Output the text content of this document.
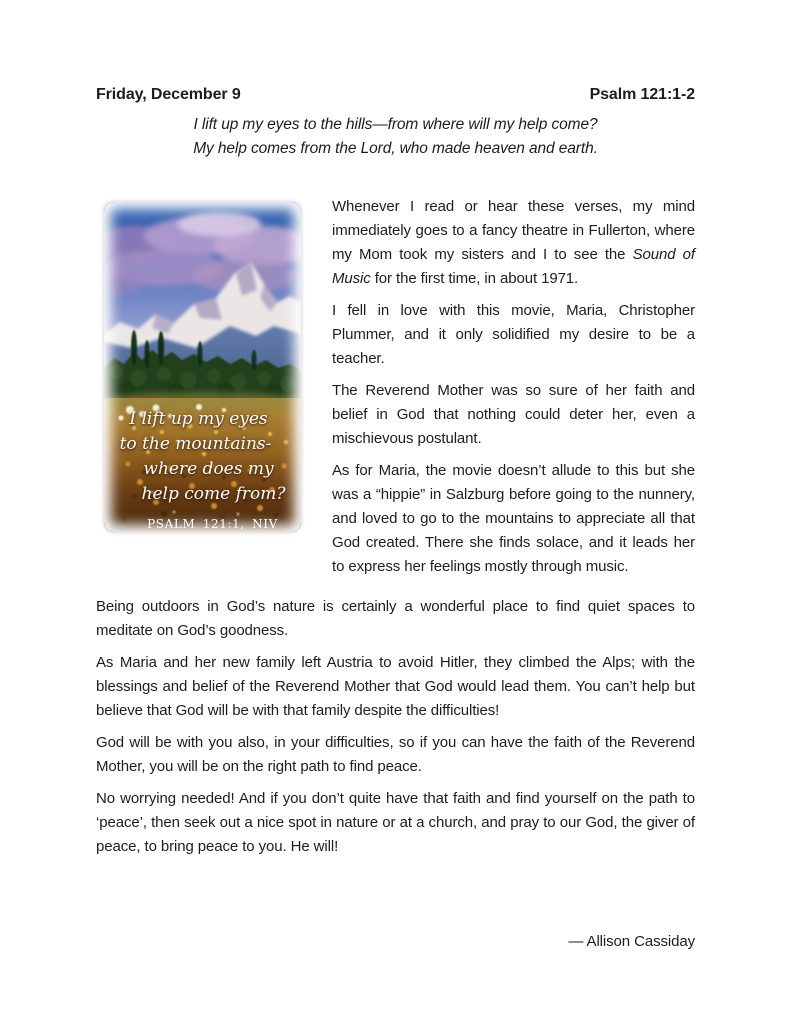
Friday, December 9	Psalm 121:1-2
I lift up my eyes to the hills—from where will my help come?
My help comes from the Lord, who made heaven and earth.
I lift up my eyes
to the mountains-
where does my
help come from?
PSALM 121:1, NIV

Whenever I read or hear these verses, my mind immediately goes to a fancy theatre in Fullerton, where my Mom took my sisters and I to see the Sound of Music for the first time, in about 1971.

I fell in love with this movie, Maria, Christopher Plummer, and it only solidified my desire to be a teacher.

The Reverend Mother was so sure of her faith and belief in God that nothing could deter her, even a mischievous postulant.

As for Maria, the movie doesn’t allude to this but she was a “hippie” in Salzburg before going to the nunnery, and loved to go to the mountains to appreciate all that God created. There she finds solace, and it leads her to express her feelings mostly through music.

Being outdoors in God’s nature is certainly a wonderful place to find quiet spaces to meditate on God’s goodness.

As Maria and her new family left Austria to avoid Hitler, they climbed the Alps; with the blessings and belief of the Reverend Mother that God would lead them. You can’t help but believe that God will be with that family despite the difficulties!

God will be with you also, in your difficulties, so if you can have the faith of the Reverend Mother, you will be on the right path to find peace.

No worrying needed! And if you don’t quite have that faith and find yourself on the path to ‘peace’, then seek out a nice spot in nature or at a church, and pray to our God, the giver of peace, to bring peace to you. He will!

— Allison Cassiday
